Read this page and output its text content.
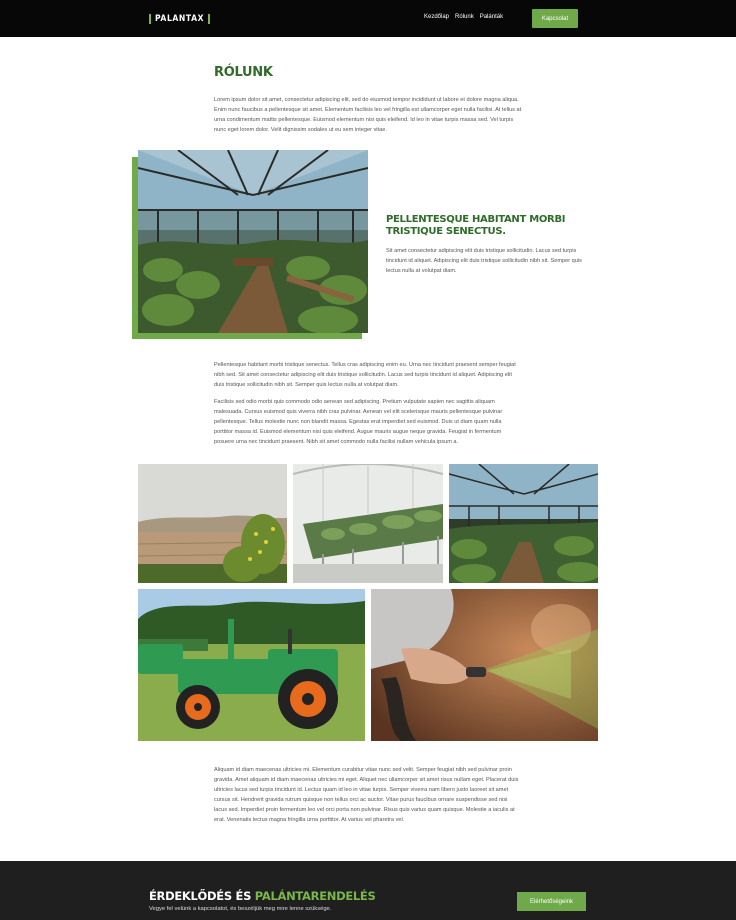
PALANTAX	Kezdőlap Rólunk Palánták	Kapcsolat
RÓLUNK

Lorem ipsum dolor sit amet, consectetur adipiscing elit, sed do eiusmod tempor incididunt ut labore et dolore magna aliqua. Enim nunc faucibus a pellentesque sit amet. Elementum facilisis leo vel fringilla est ullamcorper eget nulla facilisi. At tellus at urna condimentum mattis pellentesque. Euismod elementum nisi quis eleifend. Id leo in vitae turpis massa sed. Vel turpis nunc eget lorem dolor. Velit dignissim sodales ut eu sem integer vitae.

PELLENTESQUE HABITANT MORBI TRISTIQUE SENECTUS.

Sit amet consectetur adipiscing elit duis tristique sollicitudin. Lacus sed turpis tincidunt id aliquet. Adipiscing elit duis tristique sollicitudin nibh sit. Semper quis lectus nulla at volutpat diam.

Pellentesque habitant morbi tristique senectus. Tellus cras adipiscing enim eu. Urna nec tincidunt praesent semper feugiat nibh sed. Sit amet consectetur adipiscing elit duis tristique sollicitudin. Lacus sed turpis tincidunt id aliquet. Adipiscing elit duis tristique sollicitudin nibh sit. Semper quis lectus nulla at volutpat diam.

Facilisis sed odio morbi quis commodo odio aenean sed adipiscing. Pretium vulputate sapien nec sagittis aliquam malesuada. Cursus euismod quis viverra nibh cras pulvinar. Aenean vel elit scelerisque mauris pellentesque pulvinar pellentesque. Tellus molestie nunc non blandit massa. Egestas erat imperdiet sed euismod. Duis ut diam quam nulla porttitor massa id. Euismod elementum nisi quis eleifend. Augue mauris augue neque gravida. Feugiat in fermentum posuere urna nec tincidunt praesent. Nibh sit amet commodo nulla facilisi nullam vehicula ipsum a.

Aliquam id diam maecenas ultricies mi. Elementum curabitur vitae nunc sed velit. Semper feugiat nibh sed pulvinar proin gravida. Amet aliquam id diam maecenas ultricies mi eget. Aliquet nec ullamcorper sit amet risus nullam eget. Placerat duis ultricies lacus sed turpis tincidunt id. Lectus quam id leo in vitae turpis. Semper viverra nam libero justo laoreet sit amet cursus sit. Hendrerit gravida rutrum quisque non tellus orci ac auctor. Vitae purus faucibus ornare suspendisse sed nisi lacus sed. Imperdiet proin fermentum leo vel orci porta non pulvinar. Risus quis varius quam quisque. Molestie a iaculis at erat. Venenatis lectus magna fringilla urna porttitor. At varius vel pharetra vel.

ÉRDEKLŐDÉS ÉS PALÁNTARENDELÉS
Vegye fel velünk a kapcsolatot, és beszéljük meg mire lenne szüksége.
Elérhetőségeink
